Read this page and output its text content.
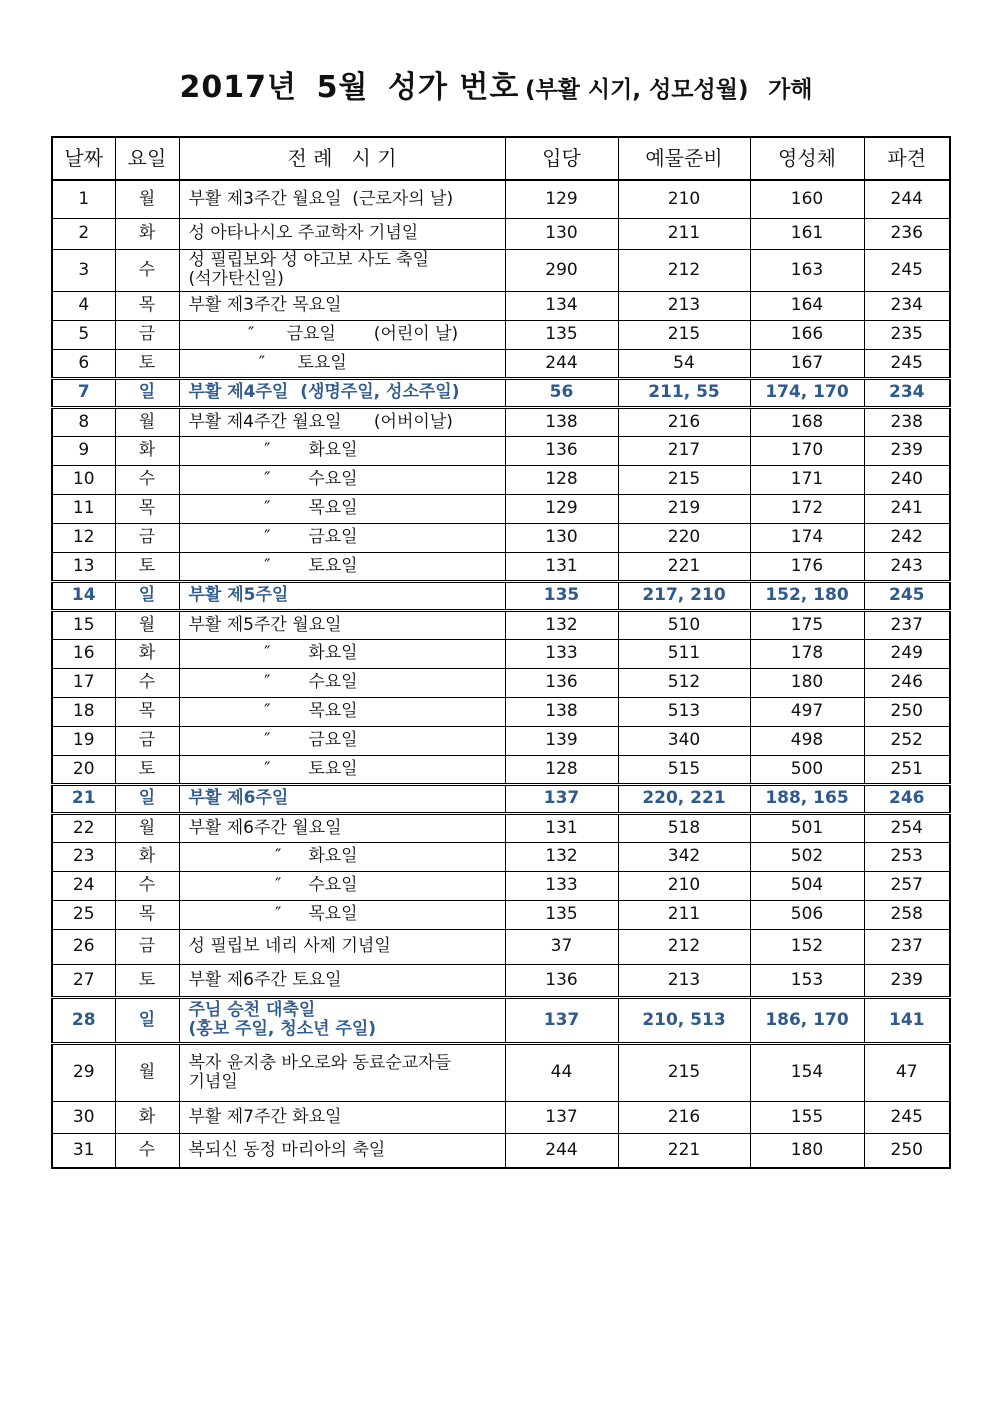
2017년 5월 성가 번호 (부활 시기, 성모성월) 가해
날짜	요일	전 례   시 기	입당	예물준비	영성체	파견
1	월	부활 제3주간 월요일  (근로자의 날)	129	210	160	244
2	화	성 아타나시오 주교학자 기념일	130	211	161	236
3	수	성 필립보와 성 야고보 사도 축일
(석가탄신일)	290	212	163	245
4	목	부활 제3주간 목요일	134	213	164	234
5	금	″      금요일       (어린이 날)	135	215	166	235
6	토	″      토요일	244	54	167	245
7	일	부활 제4주일  (생명주일, 성소주일)	56	211, 55	174, 170	234
8	월	부활 제4주간 월요일      (어버이날)	138	216	168	238
9	화	″       화요일	136	217	170	239
10	수	″       수요일	128	215	171	240
11	목	″       목요일	129	219	172	241
12	금	″       금요일	130	220	174	242
13	토	″       토요일	131	221	176	243
14	일	부활 제5주일	135	217, 210	152, 180	245
15	월	부활 제5주간 월요일	132	510	175	237
16	화	″       화요일	133	511	178	249
17	수	″       수요일	136	512	180	246
18	목	″       목요일	138	513	497	250
19	금	″       금요일	139	340	498	252
20	토	″       토요일	128	515	500	251
21	일	부활 제6주일	137	220, 221	188, 165	246
22	월	부활 제6주간 월요일	131	518	501	254
23	화	″     화요일	132	342	502	253
24	수	″     수요일	133	210	504	257
25	목	″     목요일	135	211	506	258
26	금	성 필립보 네리 사제 기념일	37	212	152	237
27	토	부활 제6주간 토요일	136	213	153	239
28	일	주님 승천 대축일
(홍보 주일, 청소년 주일)	137	210, 513	186, 170	141
29	월	복자 윤지충 바오로와 동료순교자들
기념일	44	215	154	47
30	화	부활 제7주간 화요일	137	216	155	245
31	수	복되신 동정 마리아의 축일	244	221	180	250
